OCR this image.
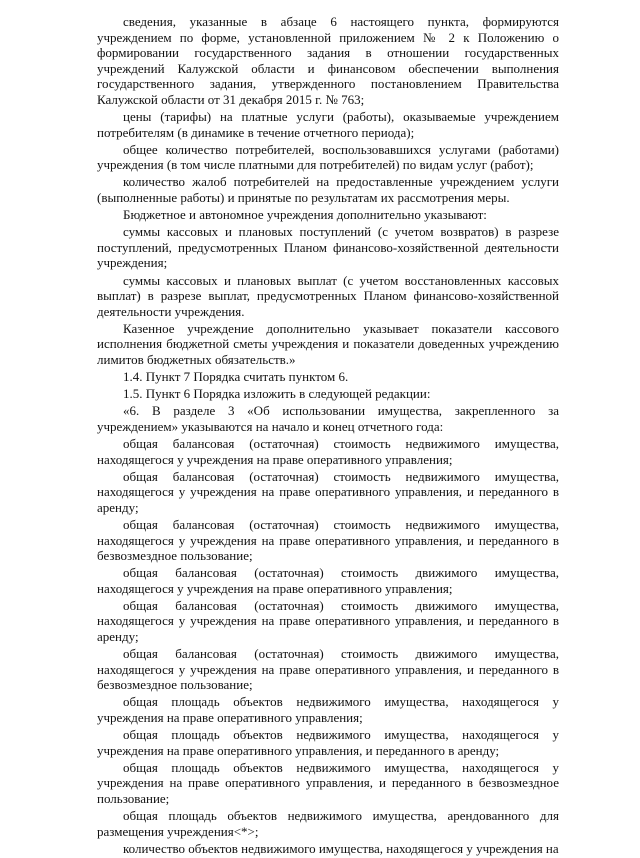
сведения, указанные в абзаце 6 настоящего пункта, формируются учреждением по форме, установленной приложением № 2 к Положению о формировании государственного задания в отношении государственных учреждений Калужской области и финансовом обеспечении выполнения государственного задания, утвержденного постановлением Правительства Калужской области от 31 декабря 2015 г. № 763;

цены (тарифы) на платные услуги (работы), оказываемые учреждением потребителям (в динамике в течение отчетного периода);

общее количество потребителей, воспользовавшихся услугами (работами) учреждения (в том числе платными для потребителей) по видам услуг (работ);

количество жалоб потребителей на предоставленные учреждением услуги (выполненные работы) и принятые по результатам их рассмотрения меры.

Бюджетное и автономное учреждения дополнительно указывают:

суммы кассовых и плановых поступлений (с учетом возвратов) в разрезе поступлений, предусмотренных Планом финансово-хозяйственной деятельности учреждения;

суммы кассовых и плановых выплат (с учетом восстановленных кассовых выплат) в разрезе выплат, предусмотренных Планом финансово-хозяйственной деятельности учреждения.

Казенное учреждение дополнительно указывает показатели кассового исполнения бюджетной сметы учреждения и показатели доведенных учреждению лимитов бюджетных обязательств.»

1.4. Пункт 7 Порядка считать пунктом 6.

1.5. Пункт 6 Порядка изложить в следующей редакции:

«6. В разделе 3 «Об использовании имущества, закрепленного за учреждением» указываются на начало и конец отчетного года:

общая балансовая (остаточная) стоимость недвижимого имущества, находящегося у учреждения на праве оперативного управления;

общая балансовая (остаточная) стоимость недвижимого имущества, находящегося у учреждения на праве оперативного управления, и переданного в аренду;

общая балансовая (остаточная) стоимость недвижимого имущества, находящегося у учреждения на праве оперативного управления, и переданного в безвозмездное пользование;

общая балансовая (остаточная) стоимость движимого имущества, находящегося у учреждения на праве оперативного управления;

общая балансовая (остаточная) стоимость движимого имущества, находящегося у учреждения на праве оперативного управления, и переданного в аренду;

общая балансовая (остаточная) стоимость движимого имущества, находящегося у учреждения на праве оперативного управления, и переданного в безвозмездное пользование;

общая площадь объектов недвижимого имущества, находящегося у учреждения на праве оперативного управления;

общая площадь объектов недвижимого имущества, находящегося у учреждения на праве оперативного управления, и переданного в аренду;

общая площадь объектов недвижимого имущества, находящегося у учреждения на праве оперативного управления, и переданного в безвозмездное пользование;

общая площадь объектов недвижимого имущества, арендованного для размещения учреждения<*>;

количество объектов недвижимого имущества, находящегося у учреждения на
